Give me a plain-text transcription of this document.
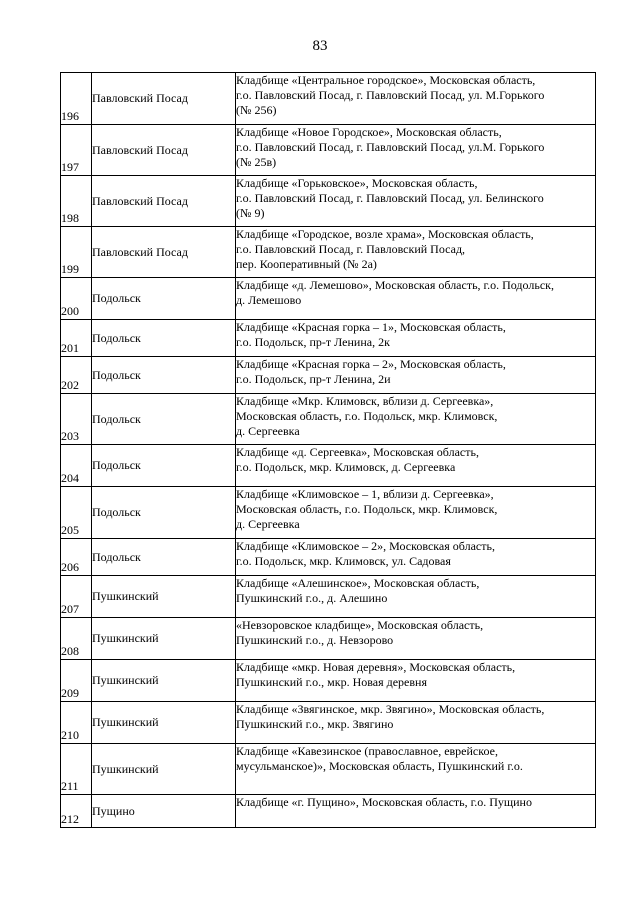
83
196	Павловский Посад	Кладбище «Центральное городское», Московская область,
г.о. Павловский Посад, г. Павловский Посад, ул. М.Горького
(№ 256)

197	Павловский Посад	Кладбище «Новое Городское», Московская область,
г.о. Павловский Посад, г. Павловский Посад, ул.М. Горького
(№ 25в)

198	Павловский Посад	Кладбище «Горьковское», Московская область,
г.о. Павловский Посад, г. Павловский Посад, ул. Белинского
(№ 9)

199	Павловский Посад	Кладбище «Городское, возле храма», Московская область,
г.о. Павловский Посад, г. Павловский Посад,
пер. Кооперативный (№ 2а)

200	Подольск	Кладбище «д. Лемешово», Московская область, г.о. Подольск,
д. Лемешово

201	Подольск	Кладбище «Красная горка – 1», Московская область,
г.о. Подольск, пр-т Ленина, 2к

202	Подольск	Кладбище «Красная горка – 2», Московская область,
г.о. Подольск, пр-т Ленина, 2и

203	Подольск	Кладбище «Мкр. Климовск, вблизи д. Сергеевка»,
Московская область, г.о. Подольск, мкр. Климовск,
д. Сергеевка

204	Подольск	Кладбище «д. Сергеевка», Московская область,
г.о. Подольск, мкр. Климовск, д. Сергеевка

205	Подольск	Кладбище «Климовское – 1, вблизи д. Сергеевка»,
Московская область, г.о. Подольск, мкр. Климовск,
д. Сергеевка

206	Подольск	Кладбище «Климовское – 2», Московская область,
г.о. Подольск, мкр. Климовск, ул. Садовая

207	Пушкинский	Кладбище «Алешинское», Московская область,
Пушкинский г.о., д. Алешино

208	Пушкинский	«Невзоровское кладбище», Московская область,
Пушкинский г.о., д. Невзорово

209	Пушкинский	Кладбище «мкр. Новая деревня», Московская область,
Пушкинский г.о., мкр. Новая деревня

210	Пушкинский	Кладбище «Звягинское, мкр. Звягино», Московская область,
Пушкинский г.о., мкр. Звягино

211	Пушкинский	Кладбище «Кавезинское (православное, еврейское,
мусульманское)», Московская область, Пушкинский г.о.

212	Пущино	Кладбище «г. Пущино», Московская область, г.о. Пущино
